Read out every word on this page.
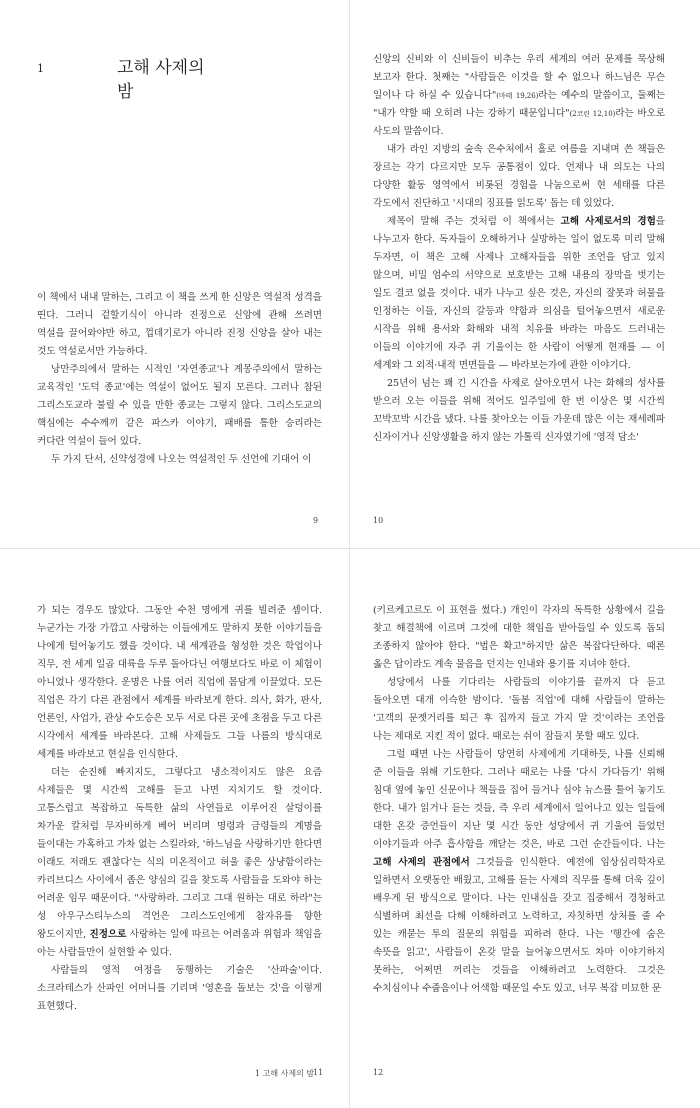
1	고해 사제의
밤

이 책에서 내내 말하는, 그리고 이 책을 쓰게 한 신앙은 역설적 성격을 띤다. 그러니 겉할기식이 아니라 진정으로 신앙에 관해 쓰려면 역설을 끌어와야만 하고, 껍데기로가 아니라 진정 신앙을 살아 내는 것도 역설로서만 가능하다.

낭만주의에서 말하는 시적인 '자연종교'나 계몽주의에서 말하는 교육적인 '도덕 종교'에는 역설이 없어도 될지 모른다. 그러나 참된 그리스도교라 불릴 수 있을 만한 종교는 그렇지 않다. 그리스도교의 핵심에는 수수께끼 같은 파스카 이야기, 패배를 통한 승리라는 커다란 역설이 들어 있다.

두 가지 단서, 신약성경에 나오는 역설적인 두 선언에 기대어 이

9

신앙의 신비와 이 신비들이 비추는 우리 세계의 여러 문제를 묵상해 보고자 한다. 첫째는 "사람들은 이것을 할 수 없으나 하느님은 무슨 일이나 다 하실 수 있습니다"(마태 19,26)라는 예수의 말씀이고, 둘째는 "내가 약할 때 오히려 나는 강하기 때문입니다"(2코린 12,10)라는 바오로 사도의 말씀이다.

내가 라인 지방의 숲속 은수처에서 홀로 여름을 지내며 쓴 책들은 장르는 각기 다르지만 모두 공통점이 있다. 언제나 내 의도는 나의 다양한 활동 영역에서 비롯된 경험을 나눔으로써 현 세태를 다른 각도에서 진단하고 '시대의 징표를 읽도록' 돕는 데 있었다.

제목이 말해 주는 것처럼 이 책에서는 고해 사제로서의 경험을 나누고자 한다. 독자들이 오해하거나 실망하는 일이 없도록 미리 말해 두자면, 이 책은 고해 사제나 고해자들을 위한 조언을 담고 있지 않으며, 비밀 엄수의 서약으로 보호받는 고해 내용의 장막을 벗기는 일도 결코 없을 것이다. 내가 나누고 싶은 것은, 자신의 잘못과 허물을 인정하는 이들, 자신의 갈등과 약함과 의심을 털어놓으면서 새로운 시작을 위해 용서와 화해와 내적 치유를 바라는 마음도 드러내는 이들의 이야기에 자주 귀 기울이는 한 사람이 어떻게 현재를 — 이 세계와 그 외적·내적 면면들을 — 바라보는가에 관한 이야기다.

25년이 넘는 꽤 긴 시간을 사제로 살아오면서 나는 화해의 성사를 받으러 오는 이들을 위해 적어도 일주일에 한 번 이상은 몇 시간씩 꼬박꼬박 시간을 냈다. 나를 찾아오는 이들 가운데 많은 이는 재세례파 신자이거나 신앙생활을 하지 않는 가톨릭 신자였기에 '영적 담소'

10

가 되는 경우도 많았다. 그동안 수천 명에게 귀를 빌려준 셈이다. 누군가는 가장 가깝고 사랑하는 이들에게도 말하지 못한 이야기들을 나에게 털어놓기도 했을 것이다. 내 세계관을 형성한 것은 학업이나 직무, 전 세계 일곱 대륙을 두루 돌아다닌 여행보다도 바로 이 체험이 아니었나 생각한다. 운명은 나를 여러 직업에 몸담게 이끌었다. 모든 직업은 각기 다른 관점에서 세계를 바라보게 한다. 의사, 화가, 판사, 언론인, 사업가, 관상 수도승은 모두 서로 다른 곳에 초점을 두고 다른 시각에서 세계를 바라본다. 고해 사제들도 그들 나름의 방식대로 세계를 바라보고 현실을 인식한다.

더는 순진해 빠지지도, 그렇다고 냉소적이지도 않은 요즘 사제들은 몇 시간씩 고해를 듣고 나면 지치기도 할 것이다. 고통스럽고 복잡하고 독특한 삶의 사연들로 이루어진 살덩이를 차가운 칼처럼 무자비하게 베어 버리며 명령과 금령들의 계명을 들이대는 가혹하고 가차 없는 스킬라와, '하느님을 사랑하기만 한다면 이래도 저래도 괜찮다'는 식의 미온적이고 허울 좋은 상냥함이라는 카리브디스 사이에서 좁은 양심의 길을 찾도록 사람들을 도와야 하는 어려운 임무 때문이다. "사랑하라. 그리고 그대 원하는 대로 하라"는 성 아우구스티누스의 격언은 그리스도인에게 참자유를 향한 왕도이지만, 진정으로 사랑하는 일에 따르는 어려움과 위험과 책임을 아는 사람들만이 실현할 수 있다.

사람들의 영적 여정을 동행하는 기술은 '산파술'이다. 소크라테스가 산파인 어머니를 기리며 '영혼을 돌보는 것'을 이렇게 표현했다.

1 고해 사제의 밤
11

(키르케고르도 이 표현을 썼다.) 개인이 각자의 독특한 상황에서 길을 찾고 해결책에 이르며 그것에 대한 책임을 받아들일 수 있도록 돕되 조종하지 않아야 한다. "법은 확고"하지만 삶은 복잡다단하다. 때론 옳은 답이라도 계속 물음을 던지는 인내와 용기를 지녀야 한다.

성당에서 나를 기다리는 사람들의 이야기를 끝까지 다 듣고 돌아오면 대개 이슥한 밤이다. '돌봄 직업'에 대해 사람들이 말하는 '고객의 문젯거리를 퇴근 후 집까지 들고 가지 말 것'이라는 조언을 나는 제대로 지킨 적이 없다. 때로는 쉬이 잠들지 못할 때도 있다.

그럴 때면 나는 사람들이 당연히 사제에게 기대하듯, 나를 신뢰해 준 이들을 위해 기도한다. 그러나 때로는 나를 '다시 가다듬기' 위해 침대 옆에 놓인 신문이나 책들을 집어 들거나 심야 뉴스를 틀어 놓기도 한다. 내가 읽거나 듣는 것들, 즉 우리 세계에서 일어나고 있는 일들에 대한 온갖 증언들이 지난 몇 시간 동안 성당에서 귀 기울여 들었던 이야기들과 아주 흡사함을 깨닫는 것은, 바로 그런 순간들이다. 나는 고해 사제의 관점에서 그것들을 인식한다. 예전에 임상심리학자로 일하면서 오랫동안 배웠고, 고해를 듣는 사제의 직무를 통해 더욱 깊이 배우게 된 방식으로 말이다. 나는 인내심을 갖고 집중해서 경청하고 식별하며 최선을 다해 이해하려고 노력하고, 자칫하면 상처를 줄 수 있는 캐묻는 투의 질문의 위험을 피하려 한다. 나는 '행간에 숨은 속뜻을 읽고', 사람들이 온갖 말을 늘어놓으면서도 차마 이야기하지 못하는, 어쩌면 꺼리는 것들을 이해하려고 노력한다. 그것은 수치심이나 수줍음이나 어색함 때문일 수도 있고, 너무 복잡 미묘한 문

12
